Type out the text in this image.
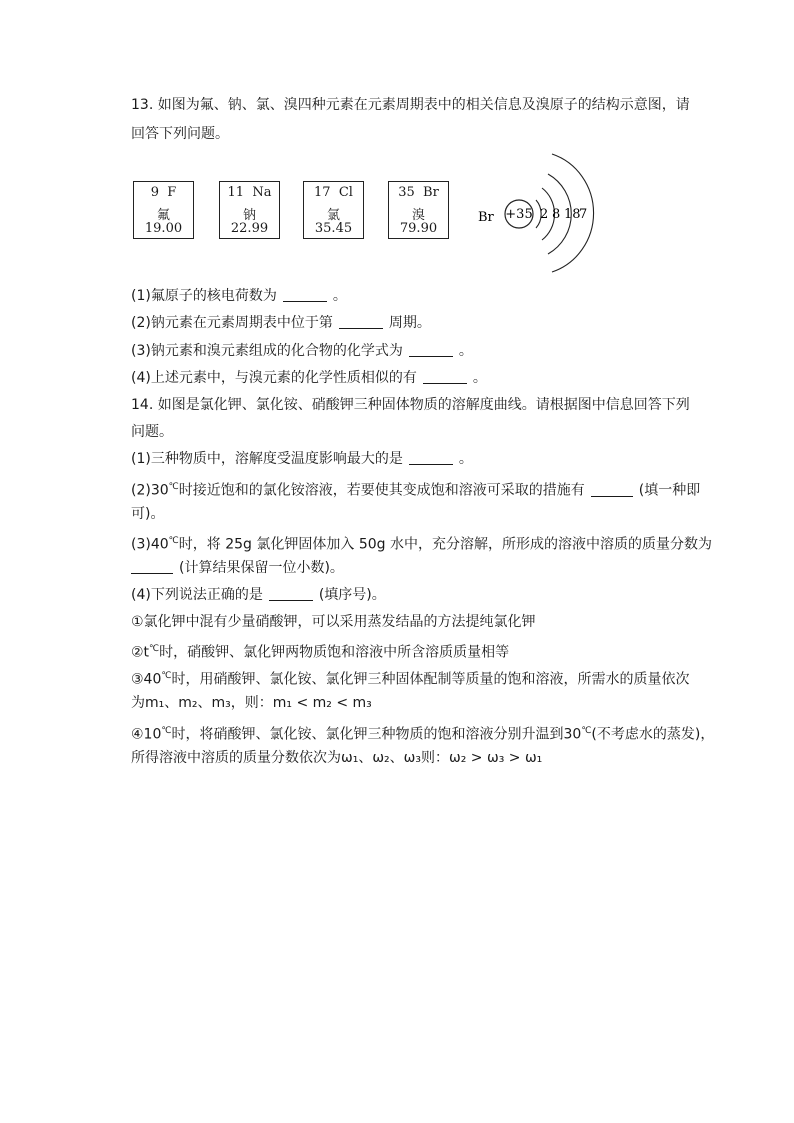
13. 如图为氟、钠、氯、溴四种元素在元素周期表中的相关信息及溴原子的结构示意图，请
回答下列问题。
9 F
氟
19.00
11 Na
钠
22.99
17 Cl
氯
35.45
35 Br
溴
79.90
Br +35 2 8 18
7
(1)氟原子的核电荷数为	。
(2)钠元素在元素周期表中位于第	周期。
(3)钠元素和溴元素组成的化合物的化学式为	。
(4)上述元素中，与溴元素的化学性质相似的有	。
14. 如图是氯化钾、氯化铵、硝酸钾三种固体物质的溶解度曲线。请根据图中信息回答下列
问题。
(1)三种物质中，溶解度受温度影响最大的是	。
(2)30℃时接近饱和的氯化铵溶液，若要使其变成饱和溶液可采取的措施有	(填一种即
可)。
(3)40℃时，将 25g 氯化钾固体加入 50g 水中，充分溶解，所形成的溶液中溶质的质量分数为
(计算结果保留一位小数)。
(4)下列说法正确的是	(填序号)。
①氯化钾中混有少量硝酸钾，可以采用蒸发结晶的方法提纯氯化钾
②t℃时，硝酸钾、氯化钾两物质饱和溶液中所含溶质质量相等
③40℃时，用硝酸钾、氯化铵、氯化钾三种固体配制等质量的饱和溶液，所需水的质量依次
为m₁、m₂、m₃，则：m₁ < m₂ < m₃
④10℃时，将硝酸钾、氯化铵、氯化钾三种物质的饱和溶液分别升温到30℃(不考虑水的蒸发)，
所得溶液中溶质的质量分数依次为ω₁、ω₂、ω₃则：ω₂ > ω₃ > ω₁
